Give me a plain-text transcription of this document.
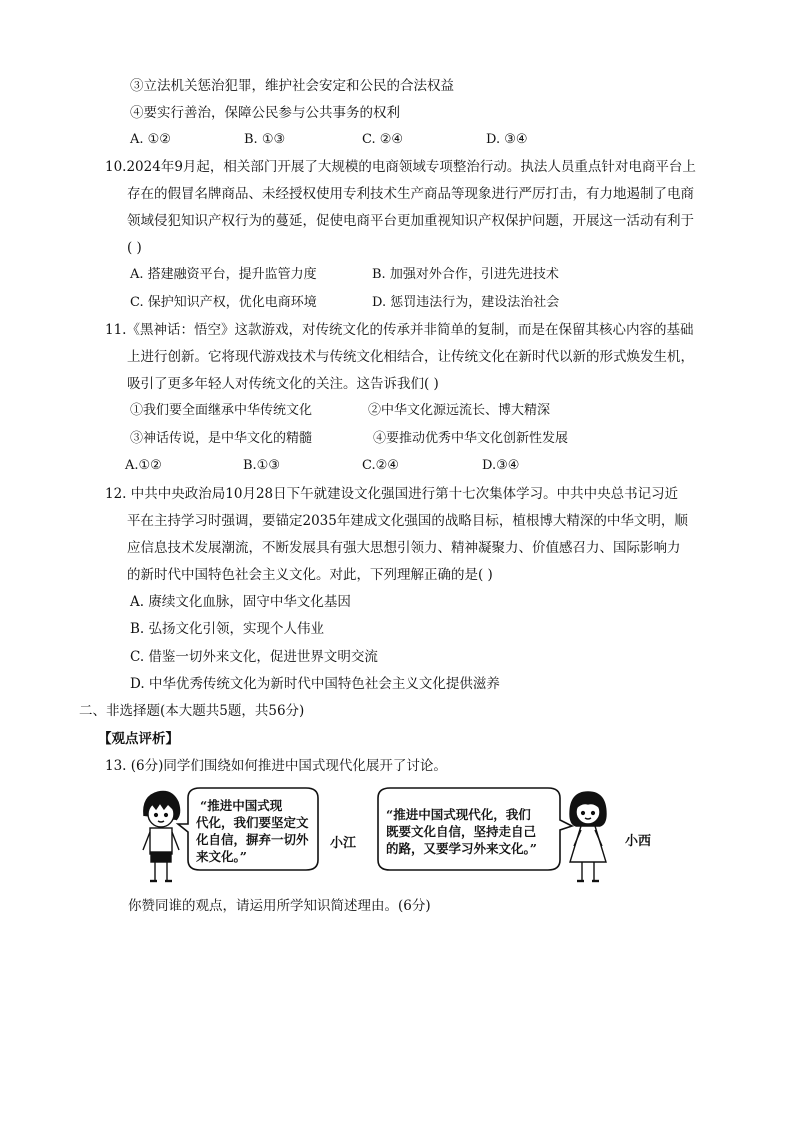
③立法机关惩治犯罪，维护社会安定和公民的合法权益
④要实行善治，保障公民参与公共事务的权利
A. ①②	B. ①③	C. ②④	D. ③④
10.2024年9月起，相关部门开展了大规模的电商领域专项整治行动。执法人员重点针对电商平台上
存在的假冒名牌商品、未经授权使用专利技术生产商品等现象进行严厉打击，有力地遏制了电商
领域侵犯知识产权行为的蔓延，促使电商平台更加重视知识产权保护问题，开展这一活动有利于
( )
A. 搭建融资平台，提升监管力度	B. 加强对外合作，引进先进技术
C. 保护知识产权，优化电商环境	D. 惩罚违法行为，建设法治社会
11.《黑神话：悟空》这款游戏，对传统文化的传承并非简单的复制，而是在保留其核心内容的基础
上进行创新。它将现代游戏技术与传统文化相结合，让传统文化在新时代以新的形式焕发生机，
吸引了更多年轻人对传统文化的关注。这告诉我们( )
①我们要全面继承中华传统文化	②中华文化源远流长、博大精深
③神话传说，是中华文化的精髓	④要推动优秀中华文化创新性发展
A.①②	B.①③	C.②④	D.③④
12. 中共中央政治局10月28日下午就建设文化强国进行第十七次集体学习。中共中央总书记习近
平在主持学习时强调，要锚定2035年建成文化强国的战略目标，植根博大精深的中华文明，顺
应信息技术发展潮流，不断发展具有强大思想引领力、精神凝聚力、价值感召力、国际影响力
的新时代中国特色社会主义文化。对此，下列理解正确的是( )
A. 赓续文化血脉，固守中华文化基因
B. 弘扬文化引领，实现个人伟业
C. 借鉴一切外来文化，促进世界文明交流
D. 中华优秀传统文化为新时代中国特色社会主义文化提供滋养
二、非选择题(本大题共5题，共56分)
【观点评析】
13. (6分)同学们围绕如何推进中国式现代化展开了讨论。
“推进中国式现
代化，我们要坚定文
化自信，摒弃一切外
来文化。”
小江
“推进中国式现代化，我们
既要文化自信，坚持走自己
的路，又要学习外来文化。”	小西
你赞同谁的观点，请运用所学知识简述理由。(6分)
